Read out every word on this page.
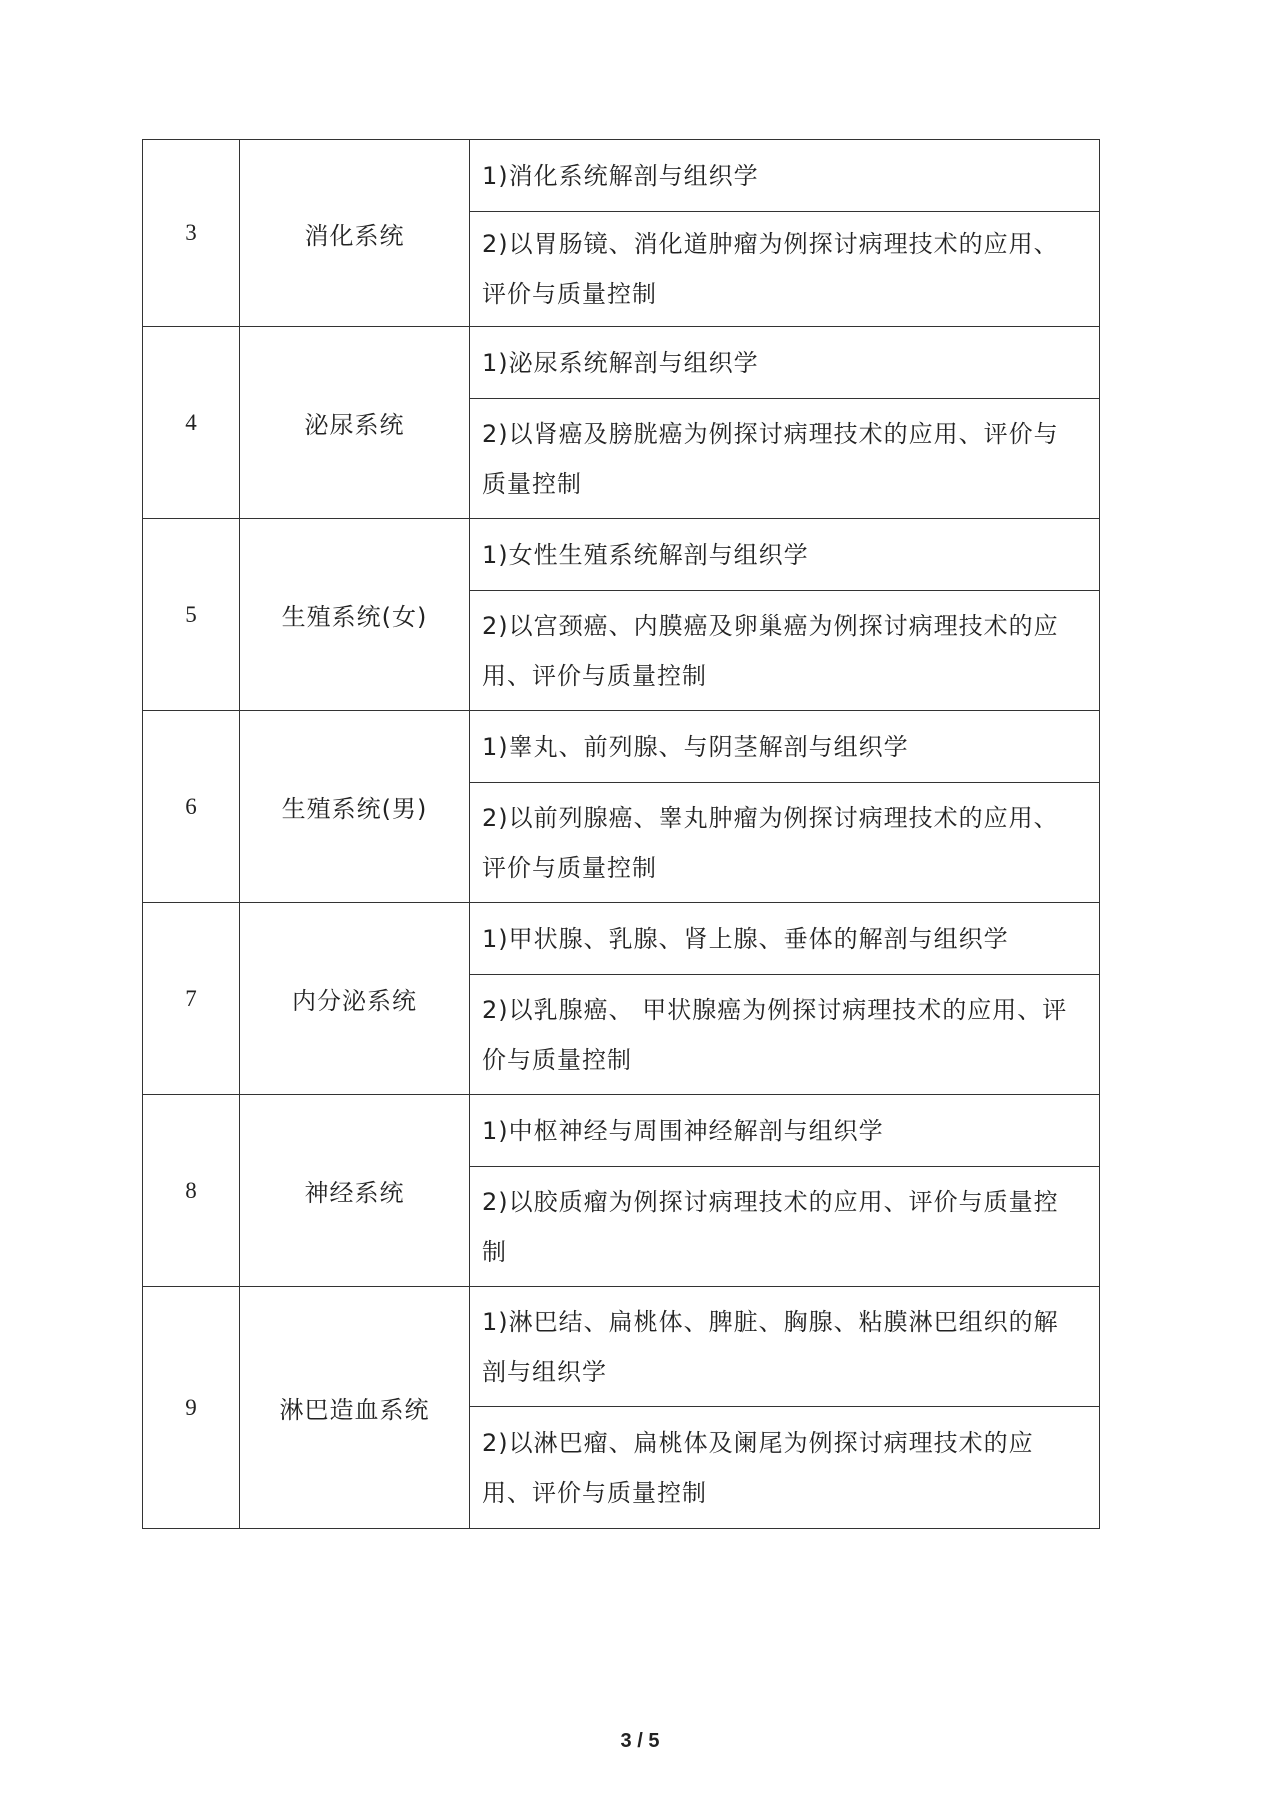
3	消化系统	1)消化系统解剖与组织学
		2)以胃肠镜、消化道肿瘤为例探讨病理技术的应用、评价与质量控制
4	泌尿系统	1)泌尿系统解剖与组织学
		2)以肾癌及膀胱癌为例探讨病理技术的应用、评价与质量控制
5	生殖系统(女)	1)女性生殖系统解剖与组织学
		2)以宫颈癌、内膜癌及卵巢癌为例探讨病理技术的应用、评价与质量控制
6	生殖系统(男)	1)睾丸、前列腺、与阴茎解剖与组织学
		2)以前列腺癌、睾丸肿瘤为例探讨病理技术的应用、评价与质量控制
7	内分泌系统	1)甲状腺、乳腺、肾上腺、垂体的解剖与组织学
		2)以乳腺癌、 甲状腺癌为例探讨病理技术的应用、评价与质量控制
8	神经系统	1)中枢神经与周围神经解剖与组织学
		2)以胶质瘤为例探讨病理技术的应用、评价与质量控制
9	淋巴造血系统	1)淋巴结、扁桃体、脾脏、胸腺、粘膜淋巴组织的解剖与组织学
		2)以淋巴瘤、扁桃体及阑尾为例探讨病理技术的应用、评价与质量控制
3 / 5
